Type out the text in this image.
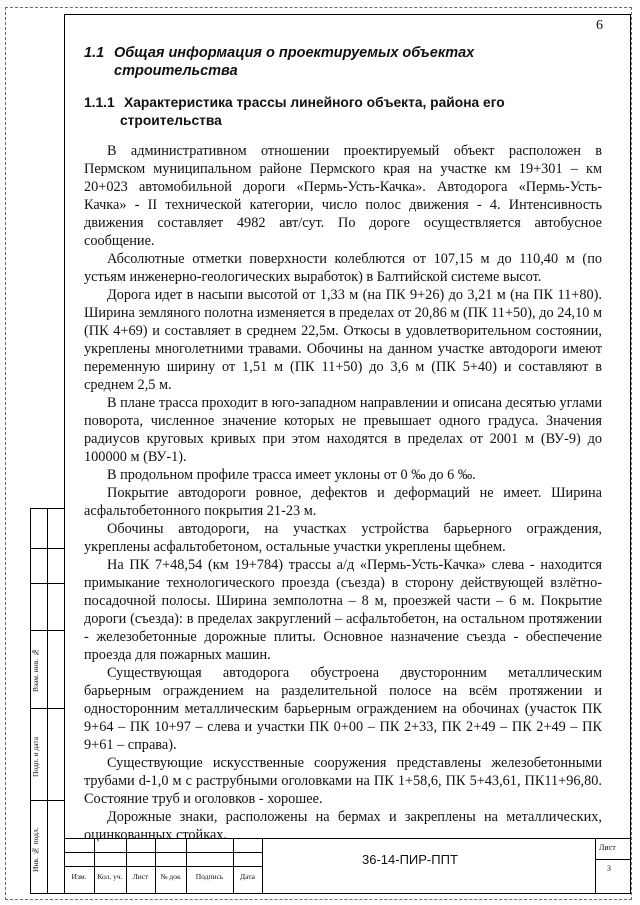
6
1.1 Общая информация о проектируемых объектах
строительства
1.1.1 Характеристика трассы линейного объекта, района его
строительства

В административном отношении проектируемый объект расположен в Пермском муниципальном районе Пермского края на участке км 19+301 – км 20+023 автомобильной дороги «Пермь-Усть-Качка». Автодорога «Пермь-Усть-Качка» - II технической категории, число полос движения - 4. Интенсивность движения составляет 4982 авт/сут. По дороге осуществляется автобусное сообщение.

Абсолютные отметки поверхности колеблются от 107,15 м до 110,40 м (по устьям инженерно-геологических выработок) в Балтийской системе высот.

Дорога идет в насыпи высотой от 1,33 м (на ПК 9+26) до 3,21 м (на ПК 11+80). Ширина земляного полотна изменяется в пределах от 20,86 м (ПК 11+50), до 24,10 м (ПК 4+69) и составляет в среднем 22,5м. Откосы в удовлетворительном состоянии, укреплены многолетними травами. Обочины на данном участке автодороги имеют переменную ширину от 1,51 м (ПК 11+50) до 3,6 м (ПК 5+40) и составляют в среднем 2,5 м.

В плане трасса проходит в юго-западном направлении и описана десятью углами поворота, численное значение которых не превышает одного градуса. Значения радиусов круговых кривых при этом находятся в пределах от 2001 м (ВУ-9) до 100000 м (ВУ-1).

В продольном профиле трасса имеет уклоны от 0 ‰ до 6 ‰.

Покрытие автодороги ровное, дефектов и деформаций не имеет. Ширина асфальтобетонного покрытия 21-23 м.

Обочины автодороги, на участках устройства барьерного ограждения, укреплены асфальтобетоном, остальные участки укреплены щебнем.

На ПК 7+48,54 (км 19+784) трассы а/д «Пермь-Усть-Качка» слева - находится примыкание технологического проезда (съезда) в сторону действующей взлётно-посадочной полосы. Ширина земполотна – 8 м, проезжей части – 6 м. Покрытие дороги (съезда): в пределах закруглений – асфальтобетон, на остальном протяжении - железобетонные дорожные плиты. Основное назначение съезда - обеспечение проезда для пожарных машин.

Существующая автодорога обустроена двусторонним металлическим барьерным ограждением на разделительной полосе на всём протяжении и односторонним металлическим барьерным ограждением на обочинах (участок ПК 9+64 – ПК 10+97 – слева и участки ПК 0+00 – ПК 2+33, ПК 2+49 – ПК 2+49 – ПК 9+61 – справа).

Существующие искусственные сооружения представлены железобетонными трубами d-1,0 м с раструбными оголовками на ПК 1+58,6, ПК 5+43,61, ПК11+96,80. Состояние труб и оголовков - хорошее.

Дорожные знаки, расположены на бермах и закреплены на металлических, оцинкованных стойках.

Взам. инв. №
Подп. и дата
Инв. № подл.
Изм.	Кол. уч.	Лист	№ док	Подпись	Дата
36-14-ПИР-ППТ
Лист
3
